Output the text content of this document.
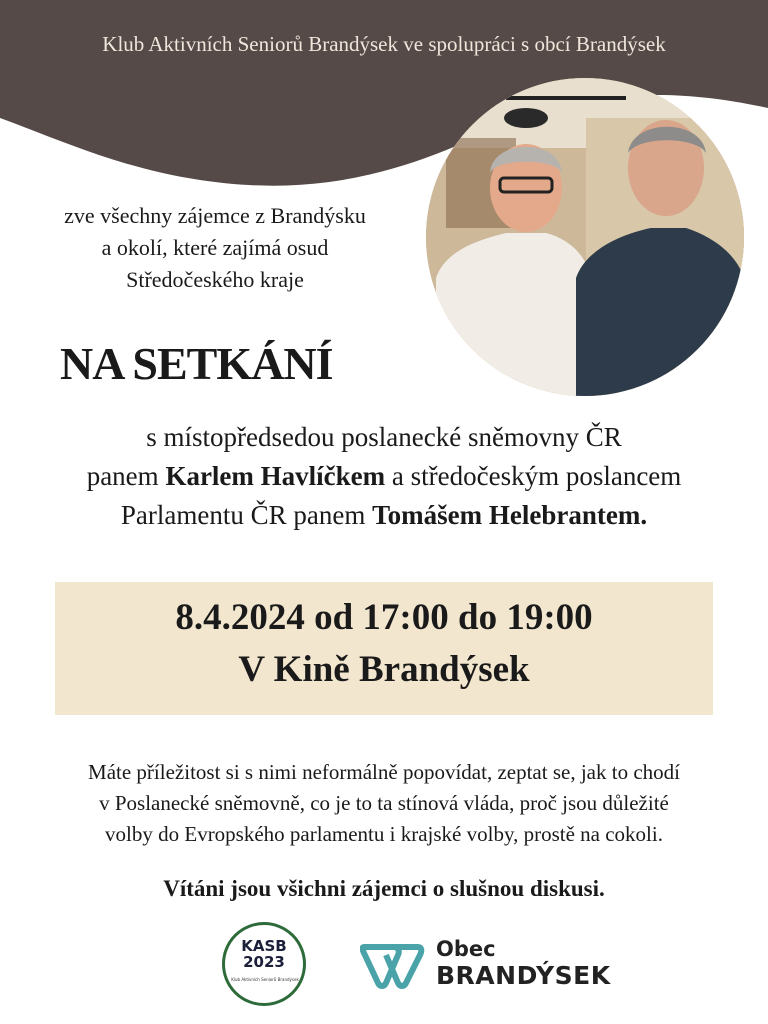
Klub Aktivních Seniorů Brandýsek ve spolupráci s obcí Brandýsek
zve všechny zájemce z Brandýsku
a okolí, které zajímá osud
Středočeského kraje
NA SETKÁNÍ
s místopředsedou poslanecké sněmovny ČR
panem Karlem Havlíčkem a středočeským poslancem
Parlamentu ČR panem Tomášem Helebrantem.
8.4.2024 od 17:00 do 19:00
V Kině Brandýsek
Máte příležitost si s nimi neformálně popovídat, zeptat se, jak to chodí
v Poslanecké sněmovně, co je to ta stínová vláda, proč jsou důležité
volby do Evropského parlamentu i krajské volby, prostě na cokoli.
Vítáni jsou všichni zájemci o slušnou diskusi.
KASB
2023
Klub Aktivních Seniorů Brandýsek
Obec
BRANDÝSEK
